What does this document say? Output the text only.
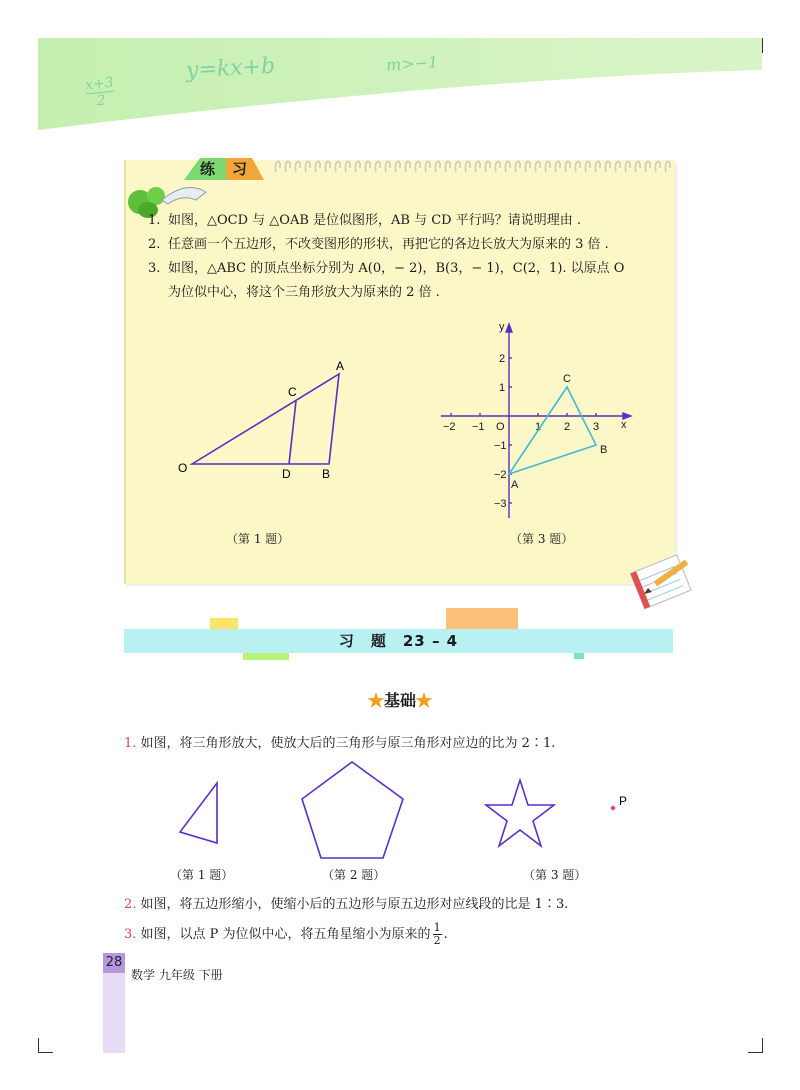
$\frac{x+3}{2}$
y=kx+b	m>−1
练 习
1. 如图，△OCD 与 △OAB 是位似图形，AB 与 CD 平行吗？请说明理由 .
2. 任意画一个五边形，不改变图形的形状，再把它的各边长放大为原来的 3 倍 .
3. 如图，△ABC 的顶点坐标分别为 A(0，− 2)，B(3，− 1)，C(2，1). 以原点 O
为位似中心，将这个三角形放大为原来的 2 倍 .
O
A
B
C
D
（第 1 题）
−2 −1	1 2 3
2
1
−1
−2
−3
O	x
y
A
B
C
（第 3 题）
习　题　23 – 4
★基础★
1. 如图，将三角形放大，使放大后的三角形与原三角形对应边的比为 2∶1.
P
（第 1 题）	（第 2 题）	（第 3 题）
2. 如图，将五边形缩小，使缩小后的五边形与原五边形对应线段的比是 1∶3.
3. 如图，以点 P 为位似中心，将五角星缩小为原来的 $\frac{1}{2}$ .
28
数学 九年级 下册
